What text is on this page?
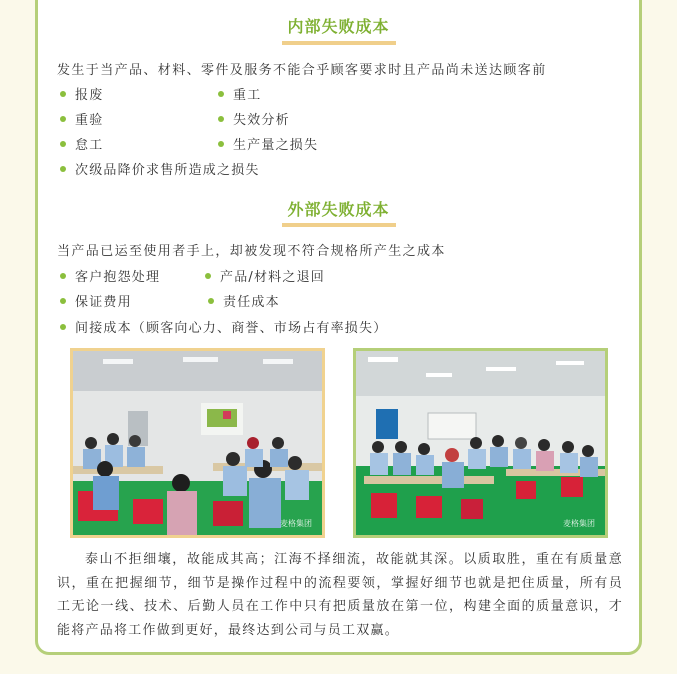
内部失败成本
发生于当产品、材料、零件及服务不能合乎顾客要求时且产品尚未送达顾客前
报废	重工
重验	失效分析
怠工	生产量之损失
次级品降价求售所造成之损失
外部失败成本
当产品已运至使用者手上，却被发现不符合规格所产生之成本
客户抱怨处理	产品/材料之退回
保证费用	责任成本
间接成本（顾客向心力、商誉、市场占有率损失）
麦格集团	麦格集团
泰山不拒细壤，故能成其高；江海不择细流，故能就其深。以质取胜，重在有质量意识，重在把握细节，细节是操作过程中的流程要领，掌握好细节也就是把住质量，所有员工无论一线、技术、后勤人员在工作中只有把质量放在第一位，构建全面的质量意识，才能将产品将工作做到更好，最终达到公司与员工双赢。
